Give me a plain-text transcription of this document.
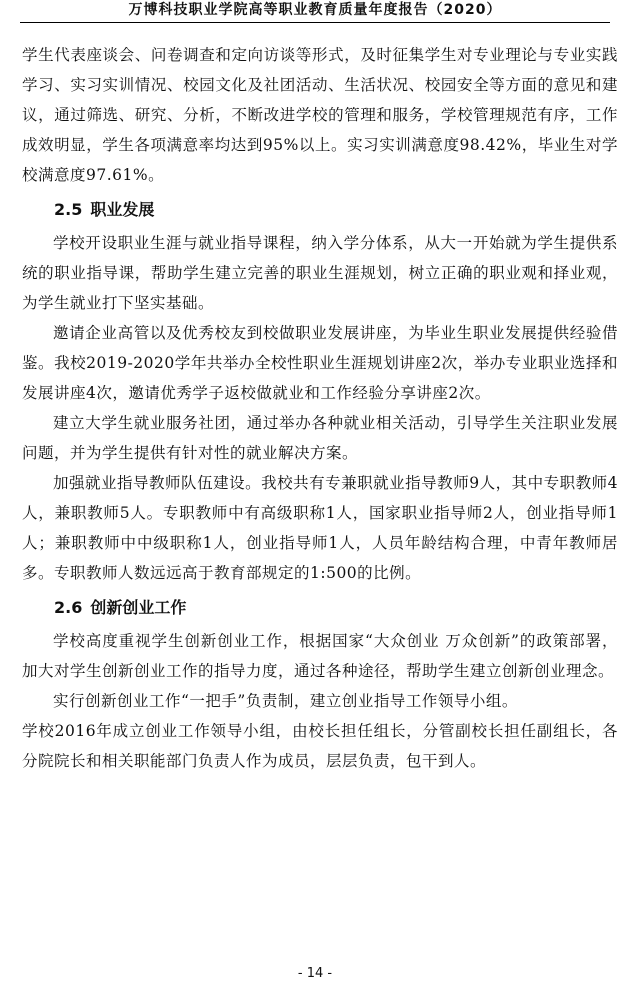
万博科技职业学院高等职业教育质量年度报告（2020）

学生代表座谈会、问卷调查和定向访谈等形式，及时征集学生对专业理论与专业实践学习、实习实训情况、校园文化及社团活动、生活状况、校园安全等方面的意见和建议，通过筛选、研究、分析，不断改进学校的管理和服务，学校管理规范有序，工作成效明显，学生各项满意率均达到95%以上。实习实训满意度98.42%，毕业生对学校满意度97.61%。

2.5 职业发展

学校开设职业生涯与就业指导课程，纳入学分体系，从大一开始就为学生提供系统的职业指导课，帮助学生建立完善的职业生涯规划，树立正确的职业观和择业观，为学生就业打下坚实基础。

邀请企业高管以及优秀校友到校做职业发展讲座，为毕业生职业发展提供经验借鉴。我校2019-2020学年共举办全校性职业生涯规划讲座2次，举办专业职业选择和发展讲座4次，邀请优秀学子返校做就业和工作经验分享讲座2次。

建立大学生就业服务社团，通过举办各种就业相关活动，引导学生关注职业发展问题，并为学生提供有针对性的就业解决方案。

加强就业指导教师队伍建设。我校共有专兼职就业指导教师9人，其中专职教师4人，兼职教师5人。专职教师中有高级职称1人，国家职业指导师2人，创业指导师1人；兼职教师中中级职称1人，创业指导师1人，人员年龄结构合理，中青年教师居多。专职教师人数远远高于教育部规定的1:500的比例。

2.6 创新创业工作

学校高度重视学生创新创业工作，根据国家“大众创业 万众创新”的政策部署，加大对学生创新创业工作的指导力度，通过各种途径，帮助学生建立创新创业理念。

实行创新创业工作“一把手”负责制，建立创业指导工作领导小组。

学校2016年成立创业工作领导小组，由校长担任组长，分管副校长担任副组长，各分院院长和相关职能部门负责人作为成员，层层负责，包干到人。

- 14 -
